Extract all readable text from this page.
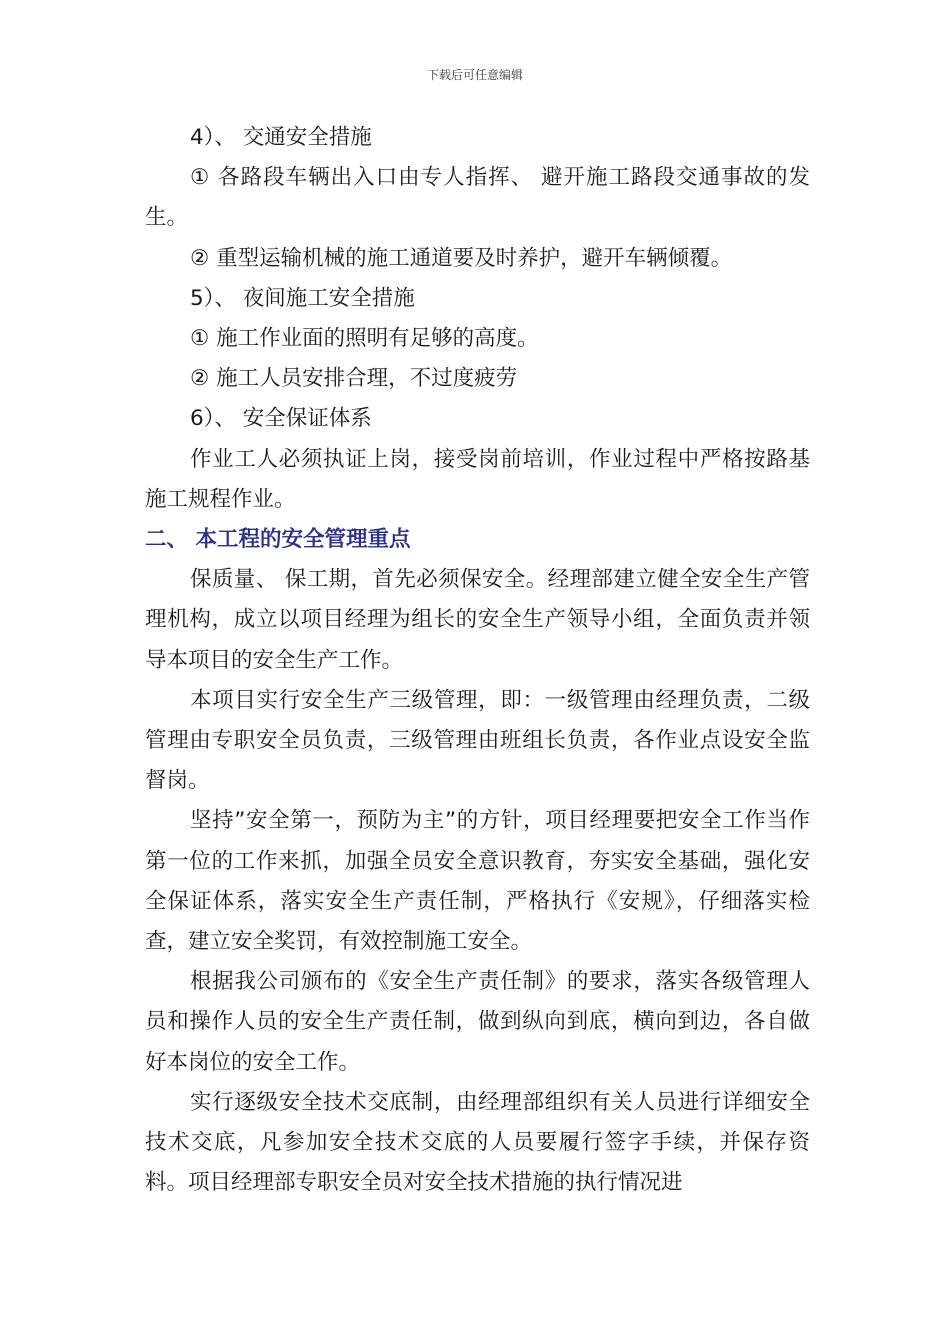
下载后可任意编辑

4）、 交通安全措施

① 各路段车辆出入口由专人指挥、 避开施工路段交通事故的发生。

② 重型运输机械的施工通道要及时养护，避开车辆倾覆。

5）、 夜间施工安全措施

① 施工作业面的照明有足够的高度。

② 施工人员安排合理，不过度疲劳

6）、 安全保证体系

作业工人必须执证上岗，接受岗前培训，作业过程中严格按路基施工规程作业。

二、 本工程的安全管理重点

保质量、 保工期，首先必须保安全。经理部建立健全安全生产管理机构，成立以项目经理为组长的安全生产领导小组，全面负责并领导本项目的安全生产工作。

本项目实行安全生产三级管理，即：一级管理由经理负责，二级管理由专职安全员负责，三级管理由班组长负责，各作业点设安全监督岗。

坚持”安全第一，预防为主”的方针，项目经理要把安全工作当作第一位的工作来抓，加强全员安全意识教育，夯实安全基础，强化安全保证体系，落实安全生产责任制，严格执行《安规》，仔细落实检查，建立安全奖罚，有效控制施工安全。

根据我公司颁布的《安全生产责任制》的要求，落实各级管理人员和操作人员的安全生产责任制，做到纵向到底，横向到边，各自做好本岗位的安全工作。

实行逐级安全技术交底制，由经理部组织有关人员进行详细安全技术交底，凡参加安全技术交底的人员要履行签字手续，并保存资料。项目经理部专职安全员对安全技术措施的执行情况进
